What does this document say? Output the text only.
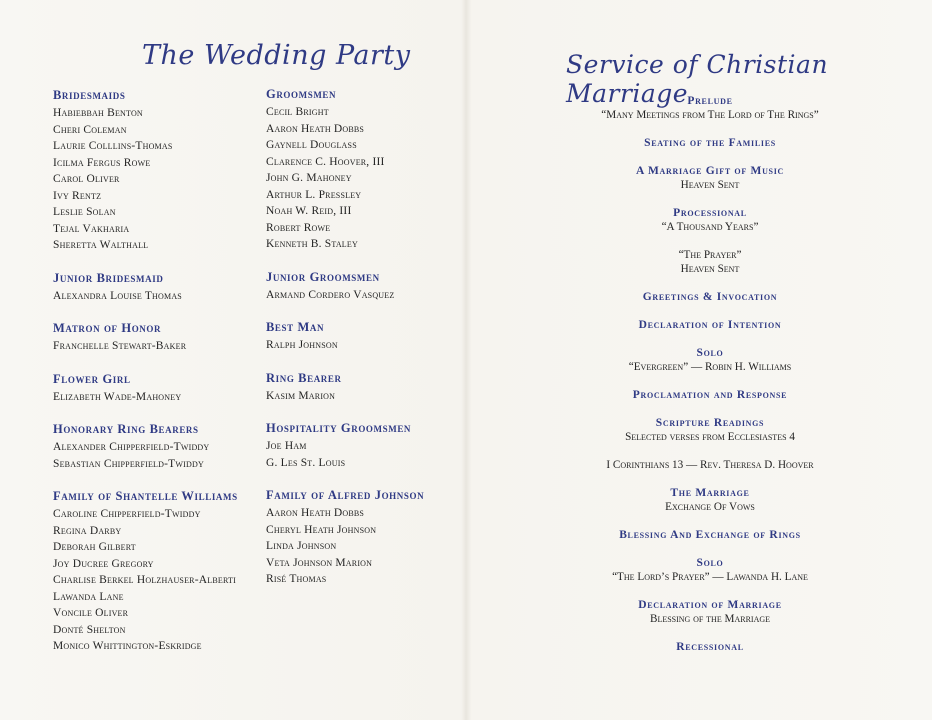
The Wedding Party	Service of Christian Marriage
Bridesmaids
Habiebbah Benton
Cheri Coleman
Laurie Colllins-Thomas
Icilma Fergus Rowe
Carol Oliver
Ivy Rentz
Leslie Solan
Tejal Vakharia
Sheretta Walthall
Junior Bridesmaid
Alexandra Louise Thomas
Matron of Honor
Franchelle Stewart-Baker
Flower Girl
Elizabeth Wade-Mahoney
Honorary Ring Bearers
Alexander Chipperfield-Twiddy
Sebastian Chipperfield-Twiddy
Family of Shantelle Williams
Caroline Chipperfield-Twiddy
Regina Darby
Deborah Gilbert
Joy Ducree Gregory
Charlise Berkel Holzhauser-Alberti
Lawanda Lane
Voncile Oliver
Donté Shelton
Monico Whittington-Eskridge
Groomsmen
Cecil Bright
Aaron Heath Dobbs
Gaynell Douglass
Clarence C. Hoover, III
John G. Mahoney
Arthur L. Pressley
Noah W. Reid, III
Robert Rowe
Kenneth B. Staley
Junior Groomsmen
Armand Cordero Vasquez
Best Man
Ralph Johnson
Ring Bearer
Kasim Marion
Hospitality Groomsmen
Joe Ham
G. Les St. Louis
Family of Alfred Johnson
Aaron Heath Dobbs
Cheryl Heath Johnson
Linda Johnson
Veta Johnson Marion
Risé Thomas
Prelude
“Many Meetings from The Lord of The Rings”
Seating of the Families
A Marriage Gift of Music
Heaven Sent
Processional
“A Thousand Years”
“The Prayer”
Heaven Sent
Greetings & Invocation
Declaration of Intention
Solo
“Evergreen” — Robin H. Williams
Proclamation and Response
Scripture Readings
Selected verses from Ecclesiastes 4
I Corinthians 13 — Rev. Theresa D. Hoover
The Marriage
Exchange Of Vows
Blessing And Exchange of Rings
Solo
“The Lord’s Prayer” — Lawanda H. Lane
Declaration of Marriage
Blessing of the Marriage
Recessional
